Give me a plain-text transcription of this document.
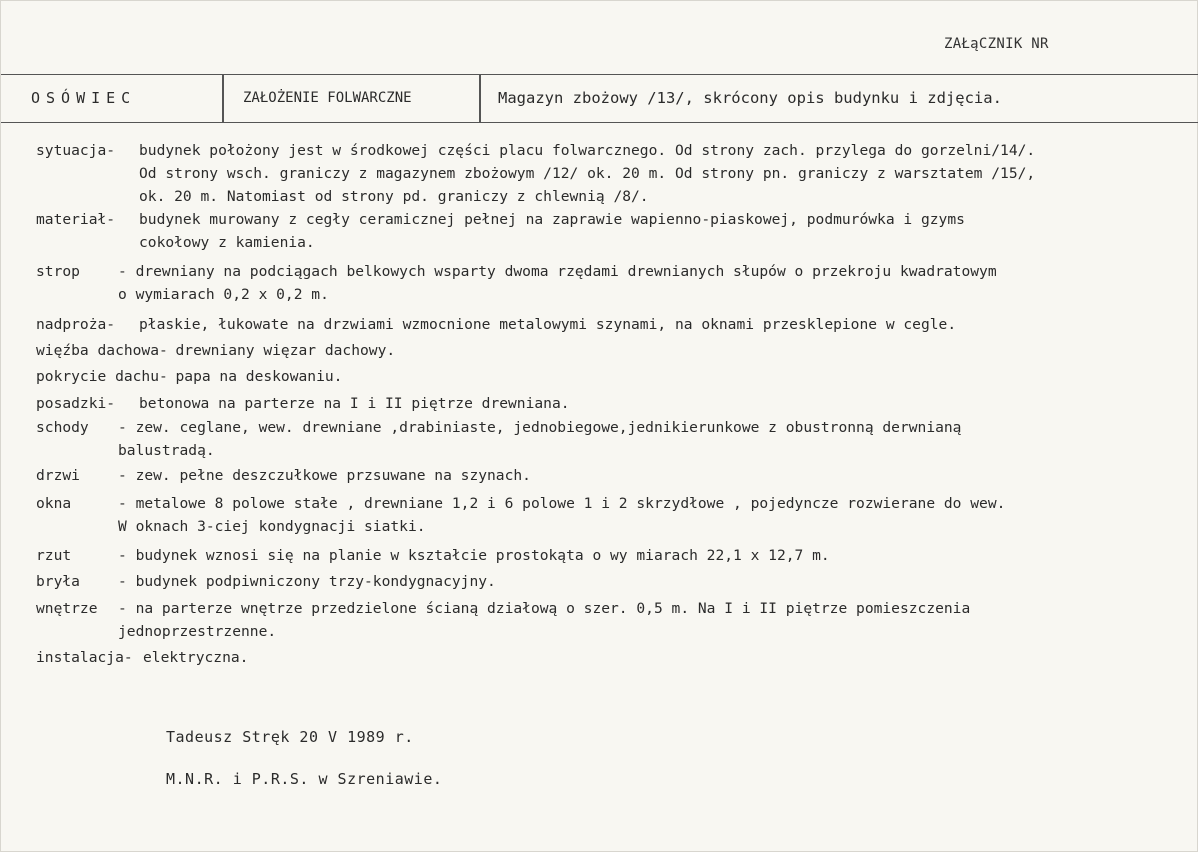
ZAŁąCZNIK NR
OSÓWIEC	ZAŁOŻENIE FOLWARCZNE	Magazyn zbożowy /13/, skrócony opis budynku i zdjęcia.
sytuacja- budynek położony jest w środkowej części placu folwarcznego. Od strony zach. przylega do gorzelni/14/.
Od strony wsch. graniczy z magazynem zbożowym /12/ ok. 20 m. Od strony pn. graniczy z warsztatem /15/,
ok. 20 m. Natomiast od strony pd. graniczy z chlewnią /8/.
materiał- budynek murowany z cegły ceramicznej pełnej na zaprawie wapienno-piaskowej, podmurówka i gzyms
cokołowy z kamienia.
strop	- drewniany na podciągach belkowych wsparty dwoma rzędami drewnianych słupów o przekroju kwadratowym
o wymiarach 0,2 x 0,2 m.
nadproża- płaskie, łukowate na drzwiami wzmocnione metalowymi szynami, na oknami przesklepione w cegle.
więźba dachowa- drewniany więzar dachowy.
pokrycie dachu- papa na deskowaniu.
posadzki- betonowa na parterze na I i II piętrze drewniana.
schody - zew. ceglane, wew. drewniane ,drabiniaste, jednobiegowe,jednikierunkowe z obustronną derwnianą
balustradą.
drzwi	- zew. pełne deszczułkowe przsuwane na szynach.
okna	- metalowe 8 polowe stałe , drewniane 1,2 i 6 polowe 1 i 2 skrzydłowe , pojedyncze rozwierane do wew.
W oknach 3-ciej kondygnacji siatki.
rzut	- budynek wznosi się na planie w kształcie prostokąta o wy miarach 22,1 x 12,7 m.
bryła	- budynek podpiwniczony trzy-kondygnacyjny.
wnętrze - na parterze wnętrze przedzielone ścianą działową o szer. 0,5 m. Na I i II piętrze pomieszczenia
jednoprzestrzenne.
instalacja- elektryczna.
Tadeusz Stręk 20 V 1989 r.
M.N.R. i P.R.S. w Szreniawie.
